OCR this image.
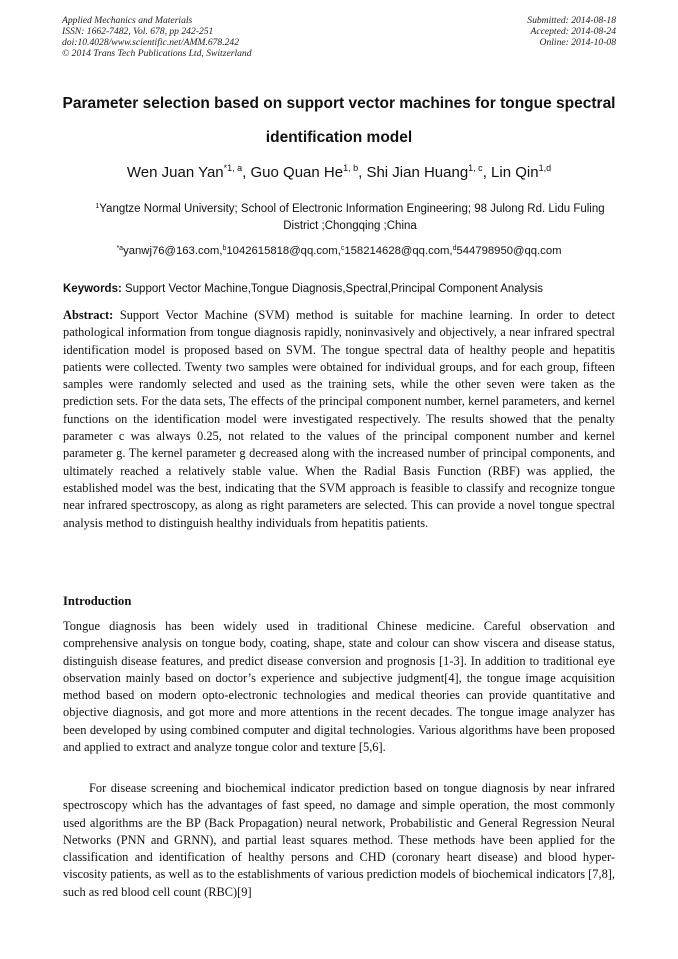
Applied Mechanics and Materials
ISSN: 1662-7482, Vol. 678, pp 242-251
doi:10.4028/www.scientific.net/AMM.678.242
© 2014 Trans Tech Publications Ltd, Switzerland
Submitted: 2014-08-18
Accepted: 2014-08-24
Online: 2014-10-08
Parameter selection based on support vector machines for tongue spectral identification model
Wen Juan Yan$^{*1, a}$, Guo Quan He$^{1, b}$, Shi Jian Huang$^{1, c}$, Lin Qin$^{1,d}$
$^1$Yangtze Normal University; School of Electronic Information Engineering; 98 Julong Rd. Lidu Fuling District ;Chongqing ;China
$^{*a}$yanwj76@163.com,$^b$1042615818@qq.com,$^c$158214628@qq.com,$^d$544798950@qq.com
Keywords: Support Vector Machine,Tongue Diagnosis,Spectral,Principal Component Analysis

Abstract: Support Vector Machine (SVM) method is suitable for machine learning. In order to detect pathological information from tongue diagnosis rapidly, noninvasively and objectively, a near infrared spectral identification model is proposed based on SVM. The tongue spectral data of healthy people and hepatitis patients were collected. Twenty two samples were obtained for individual groups, and for each group, fifteen samples were randomly selected and used as the training sets, while the other seven were taken as the prediction sets. For the data sets, The effects of the principal component number, kernel parameters, and kernel functions on the identification model were investigated respectively. The results showed that the penalty parameter c was always 0.25, not related to the values of the principal component number and kernel parameter g. The kernel parameter g decreased along with the increased number of principal components, and ultimately reached a relatively stable value. When the Radial Basis Function (RBF) was applied, the established model was the best, indicating that the SVM approach is feasible to classify and recognize tongue near infrared spectroscopy, as along as right parameters are selected. This can provide a novel tongue spectral analysis method to distinguish healthy individuals from hepatitis patients.

Introduction

Tongue diagnosis has been widely used in traditional Chinese medicine. Careful observation and comprehensive analysis on tongue body, coating, shape, state and colour can show viscera and disease status, distinguish disease features, and predict disease conversion and prognosis [1-3]. In addition to traditional eye observation mainly based on doctor’s experience and subjective judgment[4], the tongue image acquisition method based on modern opto-electronic technologies and medical theories can provide quantitative and objective diagnosis, and got more and more attentions in the recent decades. The tongue image analyzer has been developed by using combined computer and digital technologies. Various algorithms have been proposed and applied to extract and analyze tongue color and texture [5,6].

For disease screening and biochemical indicator prediction based on tongue diagnosis by near infrared spectroscopy which has the advantages of fast speed, no damage and simple operation, the most commonly used algorithms are the BP (Back Propagation) neural network, Probabilistic and General Regression Neural Networks (PNN and GRNN), and partial least squares method. These methods have been applied for the classification and identification of healthy persons and CHD (coronary heart disease) and blood hyper-viscosity patients, as well as to the establishments of various prediction models of biochemical indicators [7,8], such as red blood cell count (RBC)[9]
